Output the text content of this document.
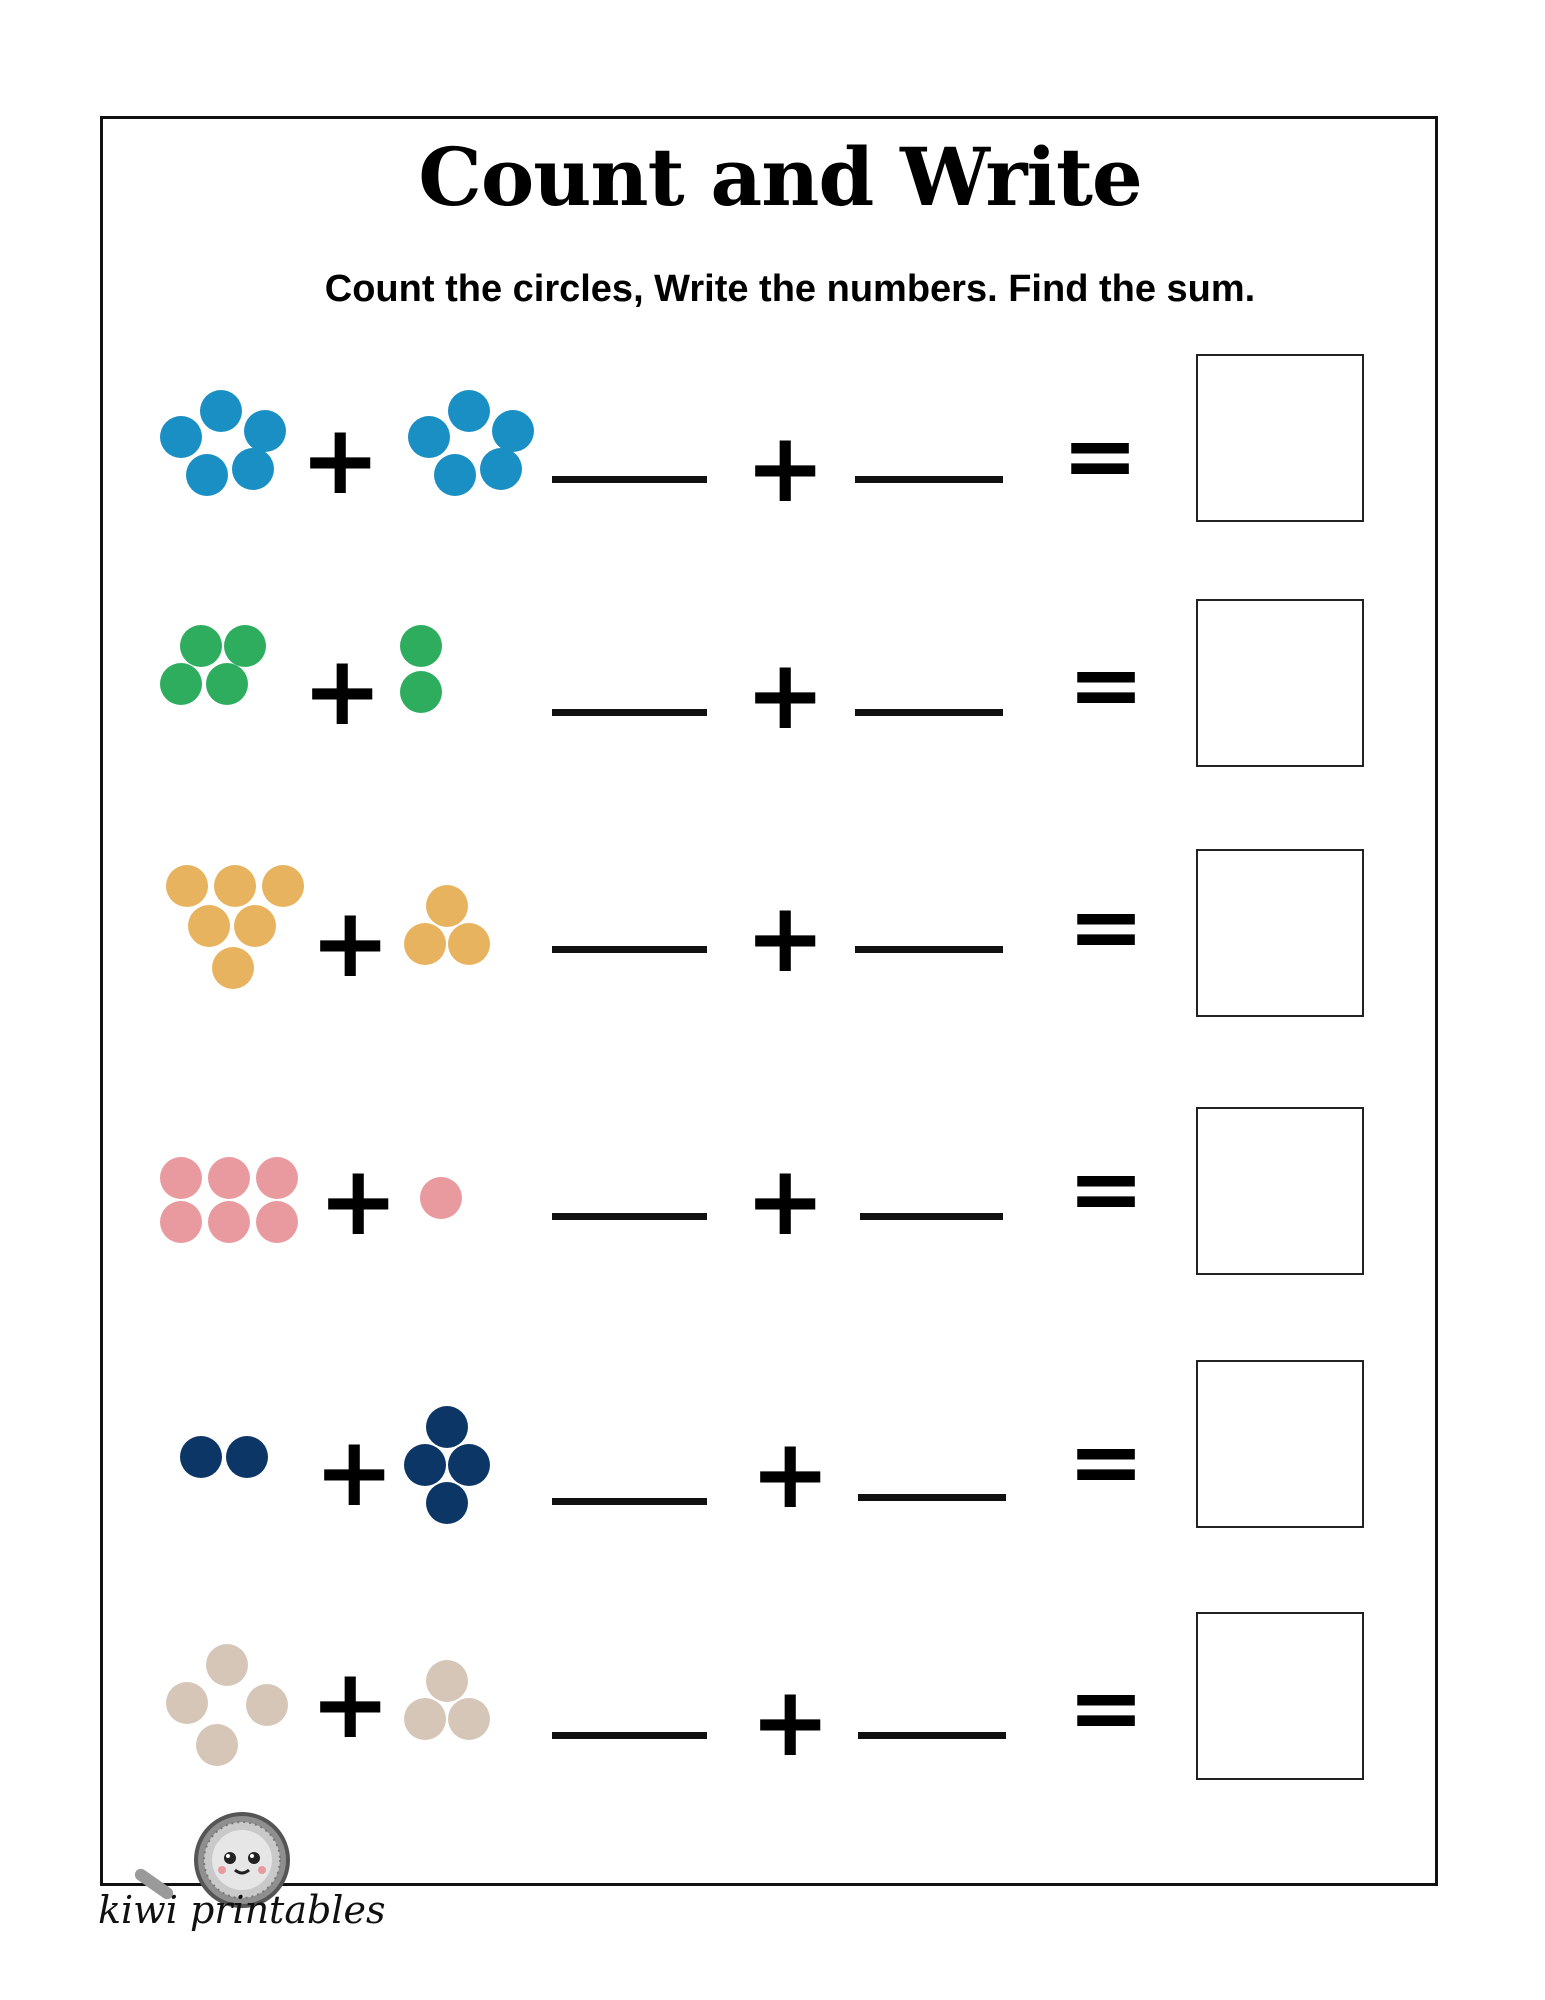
Count and Write
Count the circles, Write the numbers. Find the sum.
+	+	=
+	+	=
+	+	=
+	+	=
+	+	=
+	+	=
kiwi printables
